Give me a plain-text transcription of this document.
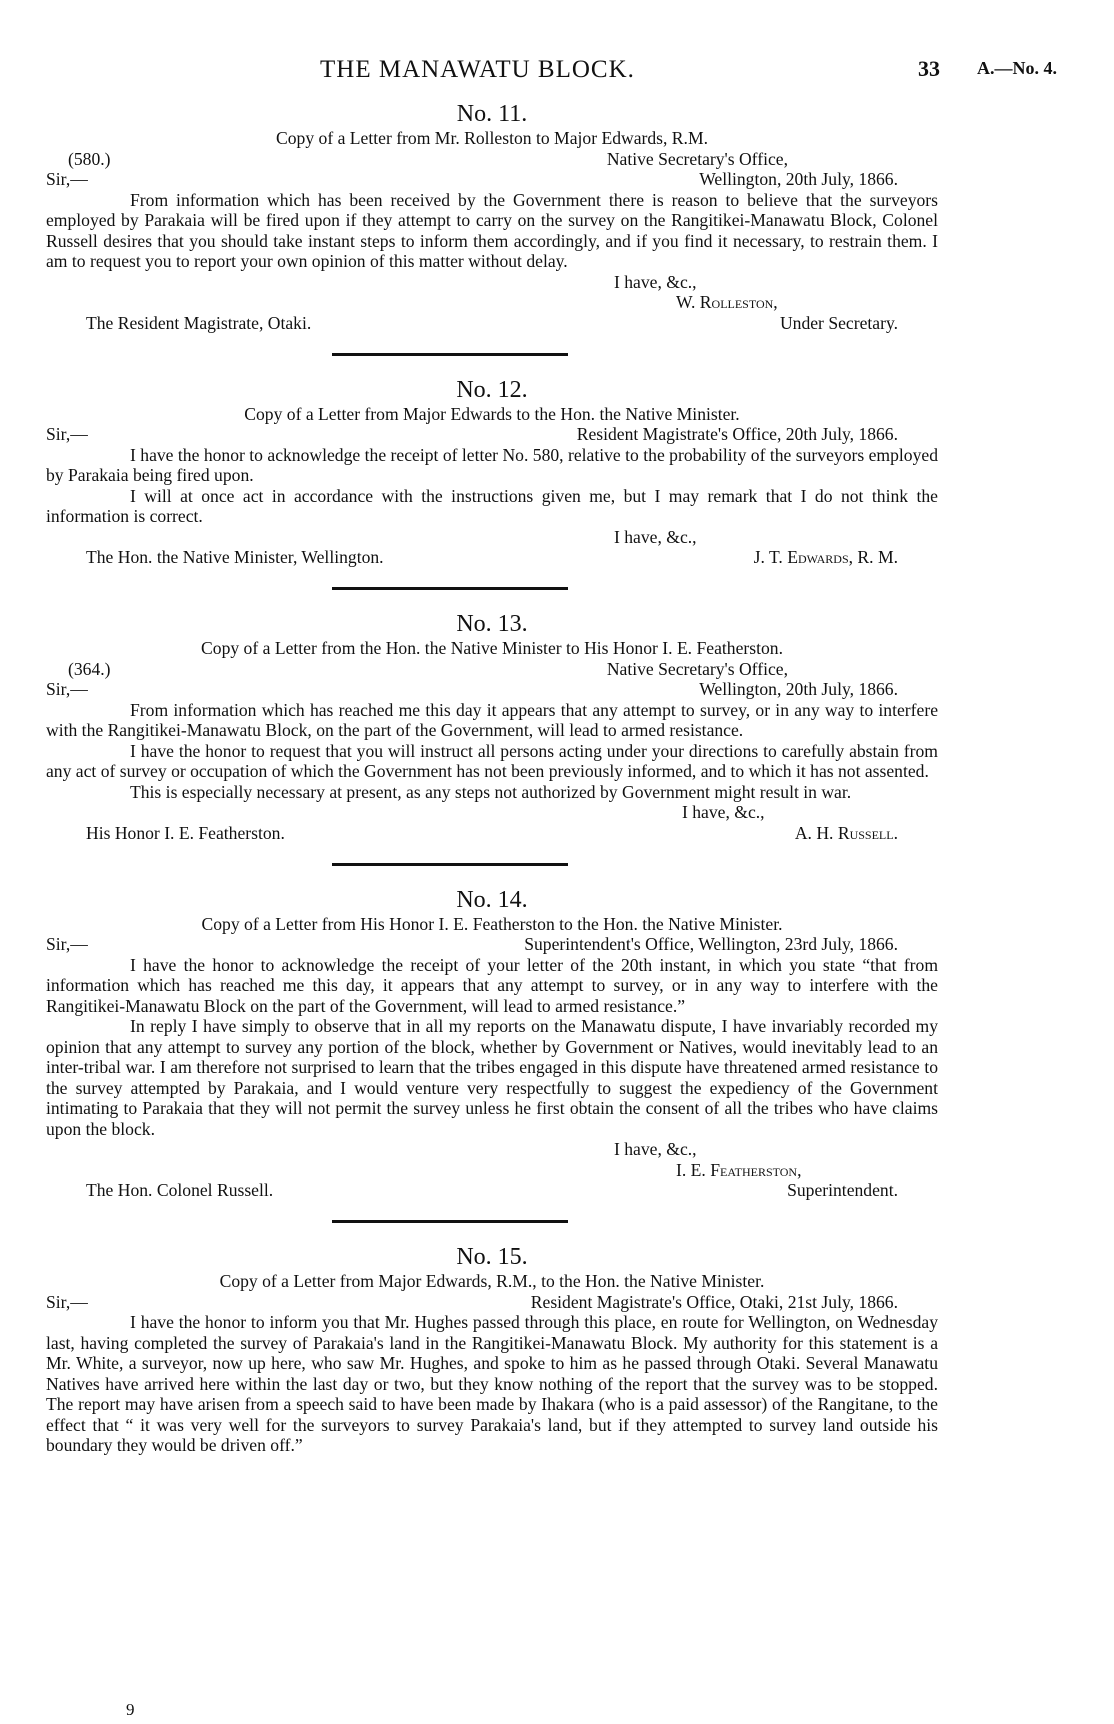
THE MANAWATU BLOCK.	33 A.—No. 4.

No. 11.

Copy of a Letter from Mr. Rolleston to Major Edwards, R.M.

(580.)	Native Secretary's Office,
Sir,—	Wellington, 20th July, 1866.

From information which has been received by the Government there is reason to believe that the surveyors employed by Parakaia will be fired upon if they attempt to carry on the survey on the Rangitikei-Manawatu Block, Colonel Russell desires that you should take instant steps to inform them accordingly, and if you find it necessary, to restrain them. I am to request you to report your own opinion of this matter without delay.

I have, &c.,
W. Rolleston,
The Resident Magistrate, Otaki.	Under Secretary.

No. 12.

Copy of a Letter from Major Edwards to the Hon. the Native Minister.

Sir,—	Resident Magistrate's Office, 20th July, 1866.

I have the honor to acknowledge the receipt of letter No. 580, relative to the probability of the surveyors employed by Parakaia being fired upon.

I will at once act in accordance with the instructions given me, but I may remark that I do not think the information is correct.

I have, &c.,
The Hon. the Native Minister, Wellington.	J. T. Edwards, R. M.

No. 13.

Copy of a Letter from the Hon. the Native Minister to His Honor I. E. Featherston.

(364.)	Native Secretary's Office,
Sir,—	Wellington, 20th July, 1866.

From information which has reached me this day it appears that any attempt to survey, or in any way to interfere with the Rangitikei-Manawatu Block, on the part of the Government, will lead to armed resistance.

I have the honor to request that you will instruct all persons acting under your directions to carefully abstain from any act of survey or occupation of which the Government has not been previously informed, and to which it has not assented.

This is especially necessary at present, as any steps not authorized by Government might result in war.

I have, &c.,
His Honor I. E. Featherston.	A. H. Russell.

No. 14.

Copy of a Letter from His Honor I. E. Featherston to the Hon. the Native Minister.

Sir,—	Superintendent's Office, Wellington, 23rd July, 1866.

I have the honor to acknowledge the receipt of your letter of the 20th instant, in which you state “that from information which has reached me this day, it appears that any attempt to survey, or in any way to interfere with the Rangitikei-Manawatu Block on the part of the Government, will lead to armed resistance.”

In reply I have simply to observe that in all my reports on the Manawatu dispute, I have invariably recorded my opinion that any attempt to survey any portion of the block, whether by Government or Natives, would inevitably lead to an inter-tribal war. I am therefore not surprised to learn that the tribes engaged in this dispute have threatened armed resistance to the survey attempted by Parakaia, and I would venture very respectfully to suggest the expediency of the Government intimating to Parakaia that they will not permit the survey unless he first obtain the consent of all the tribes who have claims upon the block.

I have, &c.,
I. E. Featherston,
The Hon. Colonel Russell.	Superintendent.

No. 15.

Copy of a Letter from Major Edwards, R.M., to the Hon. the Native Minister.

Sir,—	Resident Magistrate's Office, Otaki, 21st July, 1866.

I have the honor to inform you that Mr. Hughes passed through this place, en route for Wellington, on Wednesday last, having completed the survey of Parakaia's land in the Rangitikei-Manawatu Block. My authority for this statement is a Mr. White, a surveyor, now up here, who saw Mr. Hughes, and spoke to him as he passed through Otaki. Several Manawatu Natives have arrived here within the last day or two, but they know nothing of the report that the survey was to be stopped. The report may have arisen from a speech said to have been made by Ihakara (who is a paid assessor) of the Rangitane, to the effect that “ it was very well for the surveyors to survey Parakaia's land, but if they attempted to survey land outside his boundary they would be driven off.”

9
